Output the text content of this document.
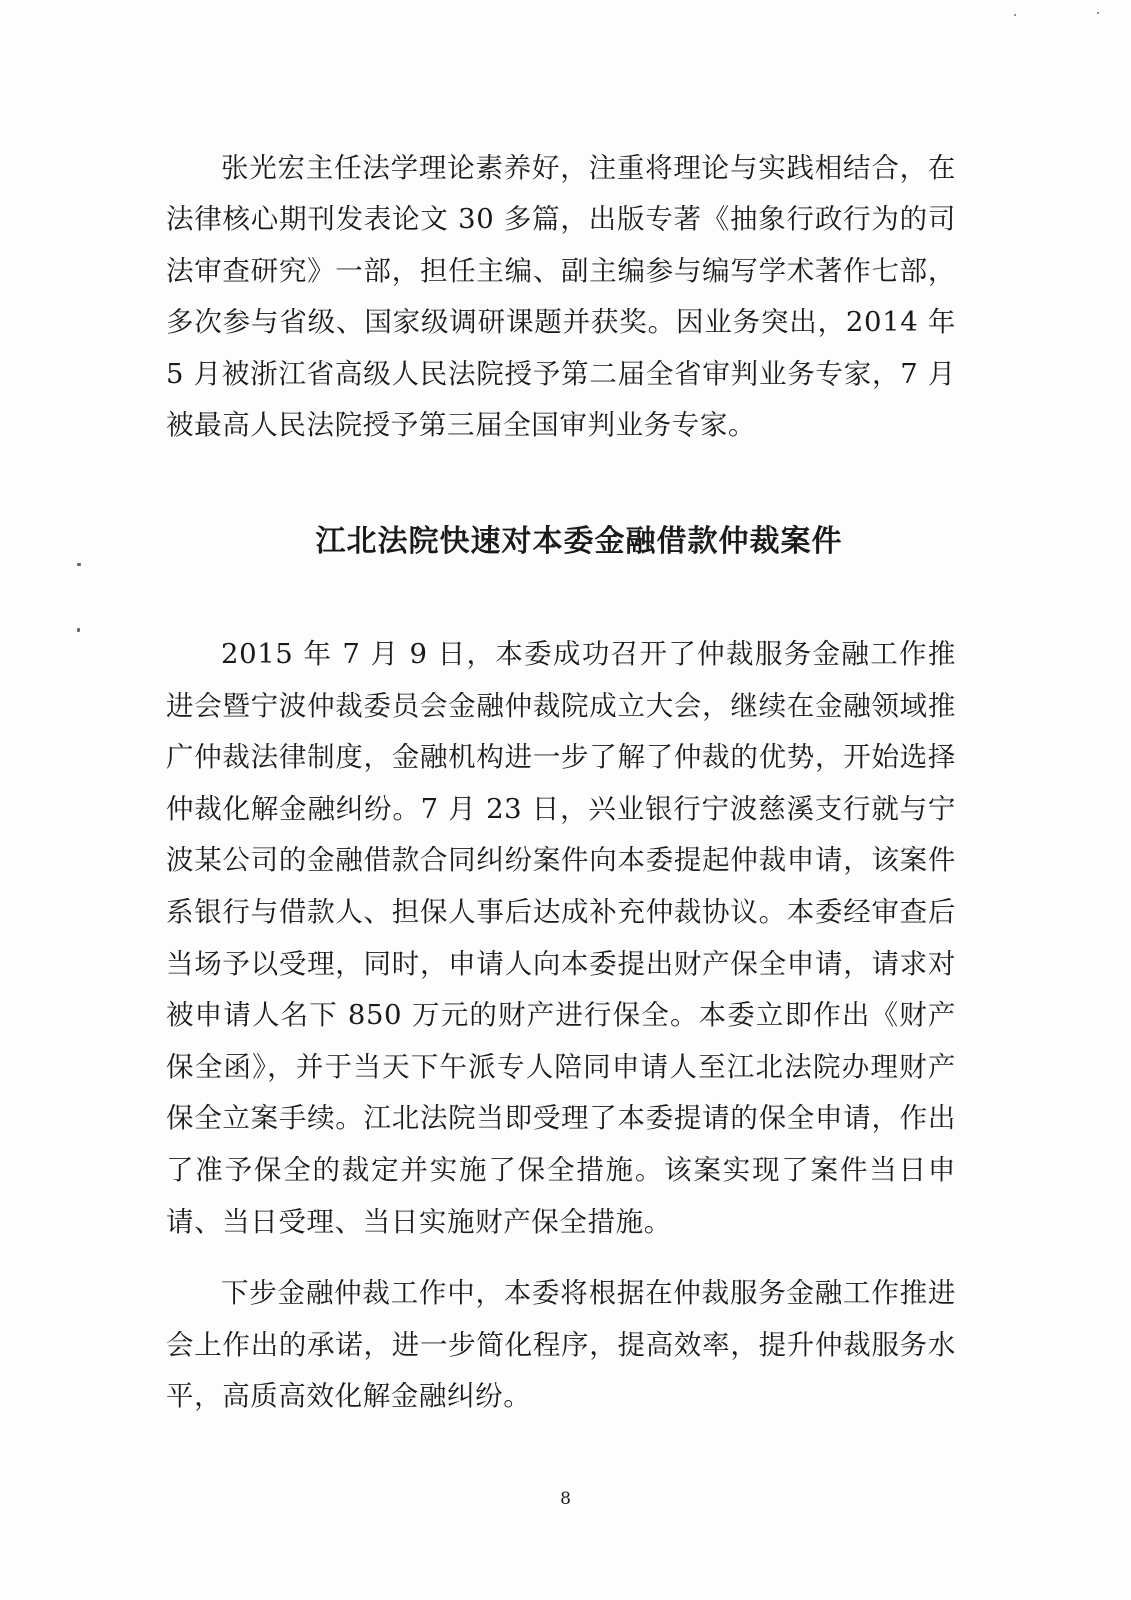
张光宏主任法学理论素养好，注重将理论与实践相结合，在法律核心期刊发表论文 30 多篇，出版专著《抽象行政行为的司法审查研究》一部，担任主编、副主编参与编写学术著作七部，多次参与省级、国家级调研课题并获奖。因业务突出，2014 年 5 月被浙江省高级人民法院授予第二届全省审判业务专家，7 月被最高人民法院授予第三届全国审判业务专家。

江北法院快速对本委金融借款仲裁案件

2015 年 7 月 9 日，本委成功召开了仲裁服务金融工作推进会暨宁波仲裁委员会金融仲裁院成立大会，继续在金融领域推广仲裁法律制度，金融机构进一步了解了仲裁的优势，开始选择仲裁化解金融纠纷。7 月 23 日，兴业银行宁波慈溪支行就与宁波某公司的金融借款合同纠纷案件向本委提起仲裁申请，该案件系银行与借款人、担保人事后达成补充仲裁协议。本委经审查后当场予以受理，同时，申请人向本委提出财产保全申请，请求对被申请人名下 850 万元的财产进行保全。本委立即作出《财产保全函》，并于当天下午派专人陪同申请人至江北法院办理财产保全立案手续。江北法院当即受理了本委提请的保全申请，作出了准予保全的裁定并实施了保全措施。该案实现了案件当日申请、当日受理、当日实施财产保全措施。

下步金融仲裁工作中，本委将根据在仲裁服务金融工作推进会上作出的承诺，进一步简化程序，提高效率，提升仲裁服务水平，高质高效化解金融纠纷。

8
